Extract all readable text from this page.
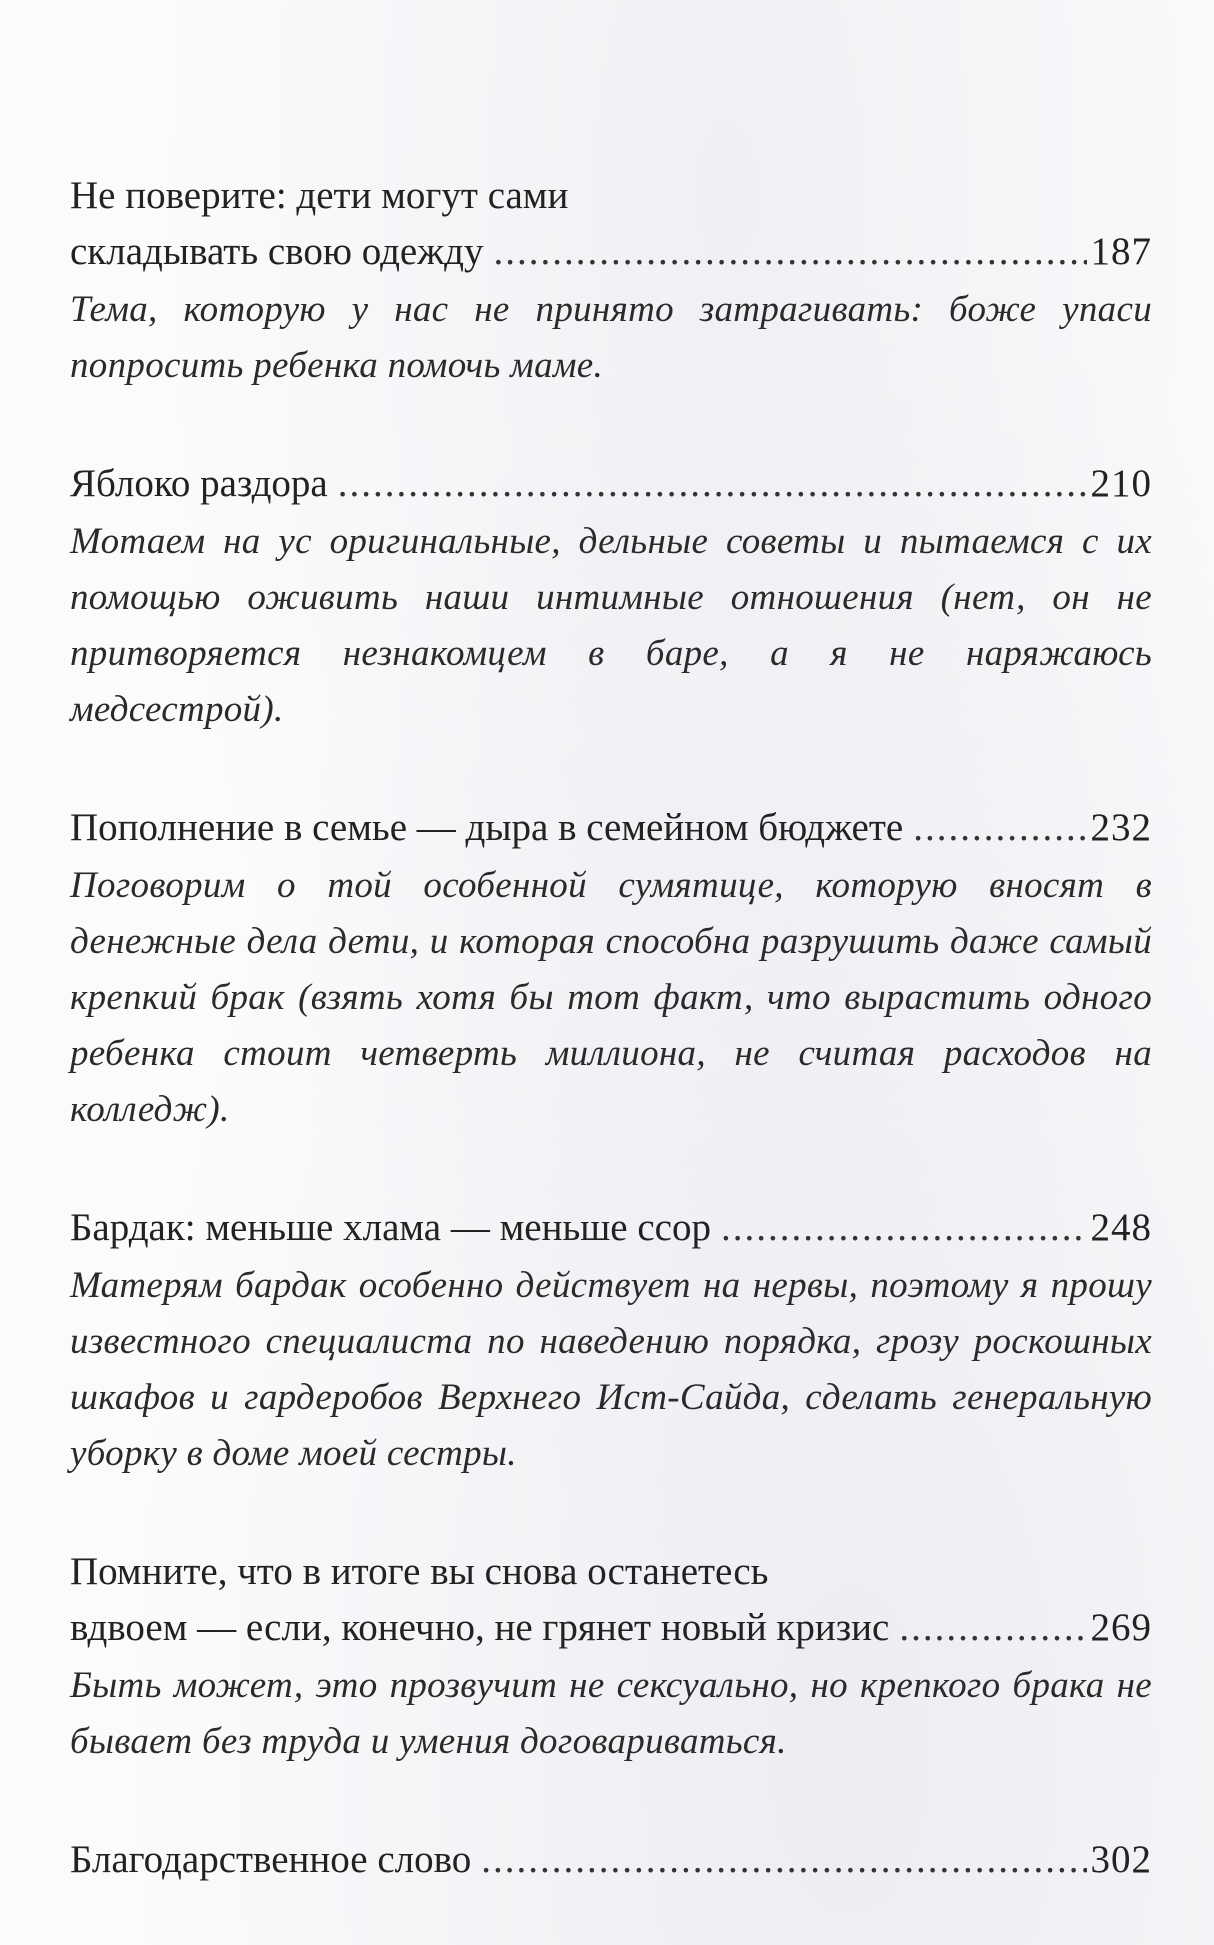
Не поверите: дети могут сами
складывать свою одежду .....	187
Тема, которую у нас не принято затрагивать: боже упаси попросить ребенка помочь маме.
Яблоко раздора .....	210
Мотаем на ус оригинальные, дельные советы и пытаемся с их помощью оживить наши интимные отношения (нет, он не притворяется незнакомцем в баре, а я не наряжаюсь медсестрой).
Пополнение в семье — дыра в семейном бюджете .....	232
Поговорим о той особенной сумятице, которую вносят в денежные дела дети, и которая способна разрушить даже самый крепкий брак (взять хотя бы тот факт, что вырастить одного ребенка стоит четверть миллиона, не считая расходов на колледж).
Бардак: меньше хлама — меньше ссор .....	248
Матерям бардак особенно действует на нервы, поэтому я прошу известного специалиста по наведению порядка, грозу роскошных шкафов и гардеробов Верхнего Ист-Сайда, сделать генеральную уборку в доме моей сестры.
Помните, что в итоге вы снова останетесь
вдвоем — если, конечно, не грянет новый кризис .....	269
Быть может, это прозвучит не сексуально, но крепкого брака не бывает без труда и умения договариваться.
Благодарственное слово .....	302
